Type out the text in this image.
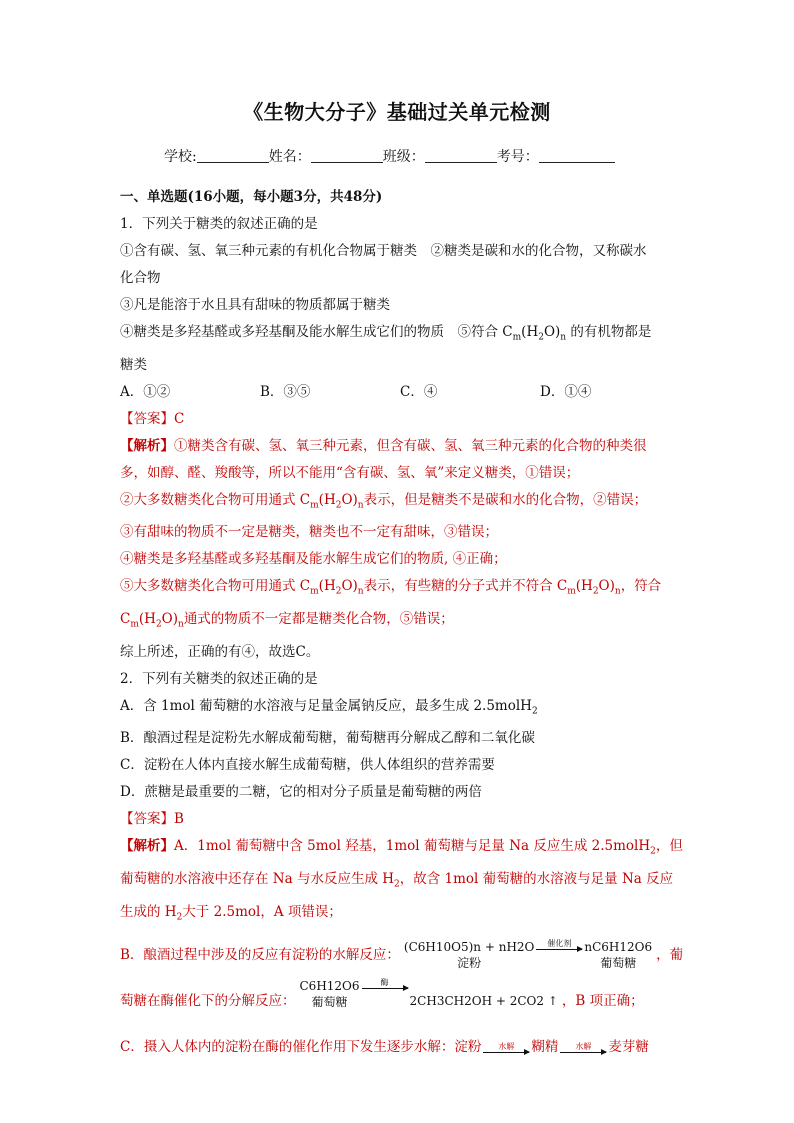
《生物大分子》基础过关单元检测
学校:	姓名：	班级：	考号：
一、单选题(16小题，每小题3分，共48分)
1．下列关于糖类的叙述正确的是
①含有碳、氢、氧三种元素的有机化合物属于糖类　②糖类是碳和水的化合物，又称碳水
化合物
③凡是能溶于水且具有甜味的物质都属于糖类
④糖类是多羟基醛或多羟基酮及能水解生成它们的物质　⑤符合 $C_m(H_2O)_n$ 的有机物都是
糖类
A．①②	B．③⑤	C．④	D．①④
【答案】C
【解析】①糖类含有碳、氢、氧三种元素，但含有碳、氢、氧三种元素的化合物的种类很
多，如醇、醛、羧酸等，所以不能用“含有碳、氢、氧”来定义糖类，①错误；
②大多数糖类化合物可用通式 $C_m(H_2O)_n$表示，但是糖类不是碳和水的化合物，②错误；
③有甜味的物质不一定是糖类，糖类也不一定有甜味，③错误；
④糖类是多羟基醛或多羟基酮及能水解生成它们的物质, ④正确；
⑤大多数糖类化合物可用通式 $C_m(H_2O)_n$表示，有些糖的分子式并不符合 $C_m(H_2O)_n$，符合
$C_m(H_2O)_n$通式的物质不一定都是糖类化合物，⑤错误；
综上所述，正确的有④，故选C。
2．下列有关糖类的叙述正确的是
A．含 1mol 葡萄糖的水溶液与足量金属钠反应，最多生成 2.5molH$_2$
B．酿酒过程是淀粉先水解成葡萄糖，葡萄糖再分解成乙醇和二氧化碳
C．淀粉在人体内直接水解生成葡萄糖，供人体组织的营养需要
D．蔗糖是最重要的二糖，它的相对分子质量是葡萄糖的两倍
【答案】B
【解析】A．1mol 葡萄糖中含 5mol 羟基，1mol 葡萄糖与足量 Na 反应生成 2.5molH$_2$，但
葡萄糖的水溶液中还存在 Na 与水反应生成 $H_2$，故含 1mol 葡萄糖的水溶液与足量 Na 反应
生成的 $H_2$大于 2.5mol，A 项错误；
B．酿酒过程中涉及的反应有淀粉的水解反应： (C6H10O5)n + nH2O
淀粉
催化剂 nC6H12O6
葡萄糖
，葡
萄糖在酶催化下的分解反应：
C6H12O6
葡萄糖
酶
2CH3CH2OH + 2CO2 ↑ ，B 项正确；
C．摄入人体内的淀粉在酶的催化作用下发生逐步水解：淀粉 水解 糊精 水解 麦芽糖
